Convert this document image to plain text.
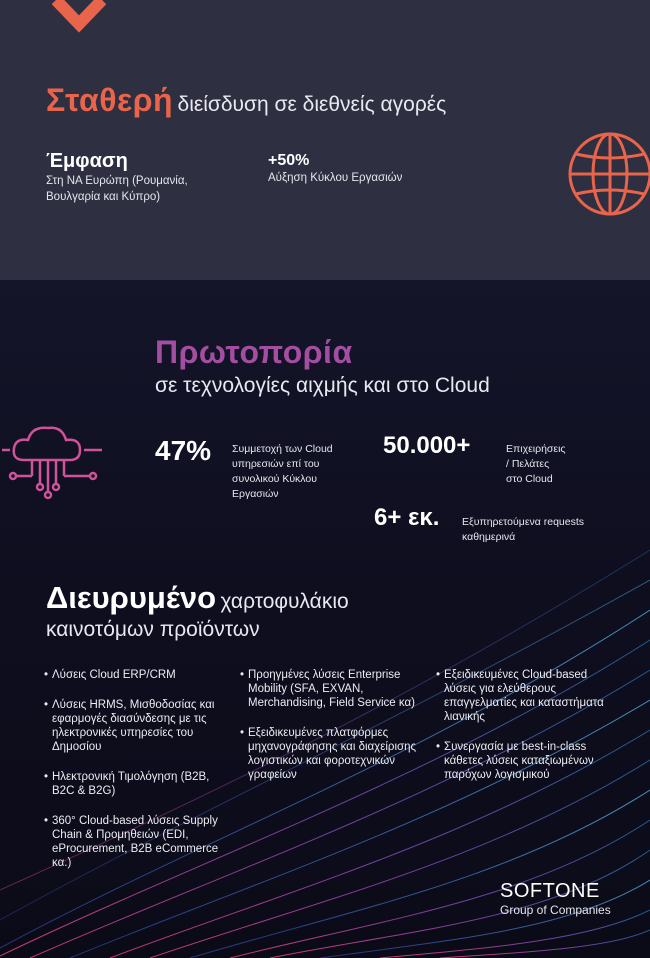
Σταθερή διείσδυση σε διεθνείς αγορές
Έμφαση
Στη ΝΑ Ευρώπη (Ρουμανία,
Βουλγαρία και Κύπρο)
+50%
Αύξηση Κύκλου Εργασιών
Πρωτοπορία
σε τεχνολογίες αιχμής και στο Cloud
47% Συμμετοχή των Cloud
υπηρεσιών επί του
συνολικού Κύκλου
Εργασιών
50.000+	Επιχειρήσεις
/ Πελάτες
στο Cloud
6+ εκ. Εξυπηρετούμενα requests
καθημερινά
Διευρυμένο χαρτοφυλάκιο
καινοτόμων προϊόντων
• Λύσεις Cloud ERP/CRM
• Λύσεις HRMS, Μισθοδοσίας και εφαρμογές διασύνδεσης με τις ηλεκτρονικές υπηρεσίες του Δημοσίου
• Ηλεκτρονική Τιμολόγηση (B2B, B2C & B2G)
• 360° Cloud-based λύσεις Supply Chain & Προμηθειών (EDI, eProcurement, B2B eCommerce κα.)
• Προηγμένες λύσεις Enterprise Mobility (SFA, EXVAN, Merchandising, Field Service κα)
• Εξειδικευμένες πλατφόρμες μηχανογράφησης και διαχείρισης λογιστικών και φοροτεχνικών γραφείων
• Εξειδικευμένες Cloud-based λύσεις για ελεύθερους επαγγελματίες και καταστήματα λιανικής
• Συνεργασία με best-in-class κάθετες λύσεις καταξιωμένων παρόχων λογισμικού
SOFTONE
Group of Companies
